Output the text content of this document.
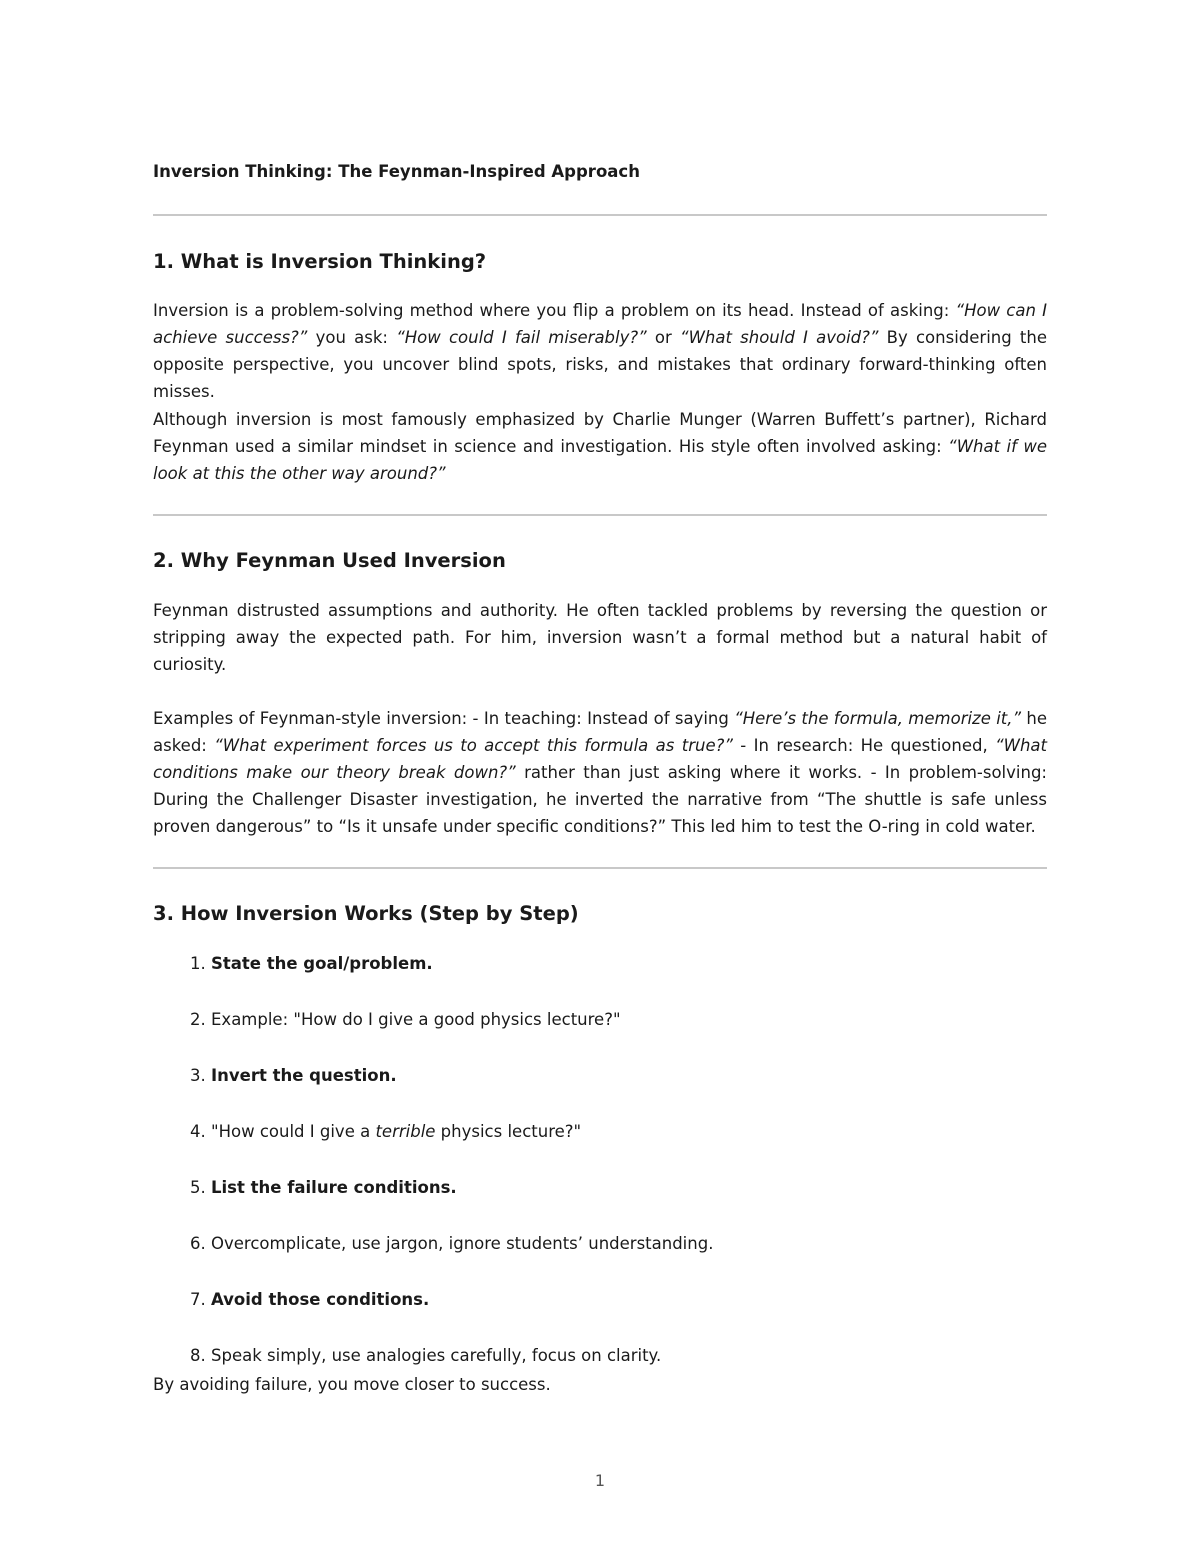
Inversion Thinking: The Feynman-Inspired Approach

1. What is Inversion Thinking?

Inversion is a problem-solving method where you flip a problem on its head. Instead of asking: “How can I achieve success?” you ask: “How could I fail miserably?” or “What should I avoid?” By considering the opposite perspective, you uncover blind spots, risks, and mistakes that ordinary forward-thinking often misses.

Although inversion is most famously emphasized by Charlie Munger (Warren Buffett’s partner), Richard Feynman used a similar mindset in science and investigation. His style often involved asking: “What if we look at this the other way around?”

2. Why Feynman Used Inversion

Feynman distrusted assumptions and authority. He often tackled problems by reversing the question or stripping away the expected path. For him, inversion wasn’t a formal method but a natural habit of curiosity.

Examples of Feynman-style inversion: - In teaching: Instead of saying “Here’s the formula, memorize it,” he asked: “What experiment forces us to accept this formula as true?” - In research: He questioned, “What conditions make our theory break down?” rather than just asking where it works. - In problem-solving: During the Challenger Disaster investigation, he inverted the narrative from “The shuttle is safe unless proven dangerous” to “Is it unsafe under specific conditions?” This led him to test the O-ring in cold water.

3. How Inversion Works (Step by Step)

1. State the goal/problem.
2. Example: "How do I give a good physics lecture?"
3. Invert the question.
4. "How could I give a terrible physics lecture?"
5. List the failure conditions.
6. Overcomplicate, use jargon, ignore students’ understanding.
7. Avoid those conditions.
8. Speak simply, use analogies carefully, focus on clarity.

By avoiding failure, you move closer to success.

1
